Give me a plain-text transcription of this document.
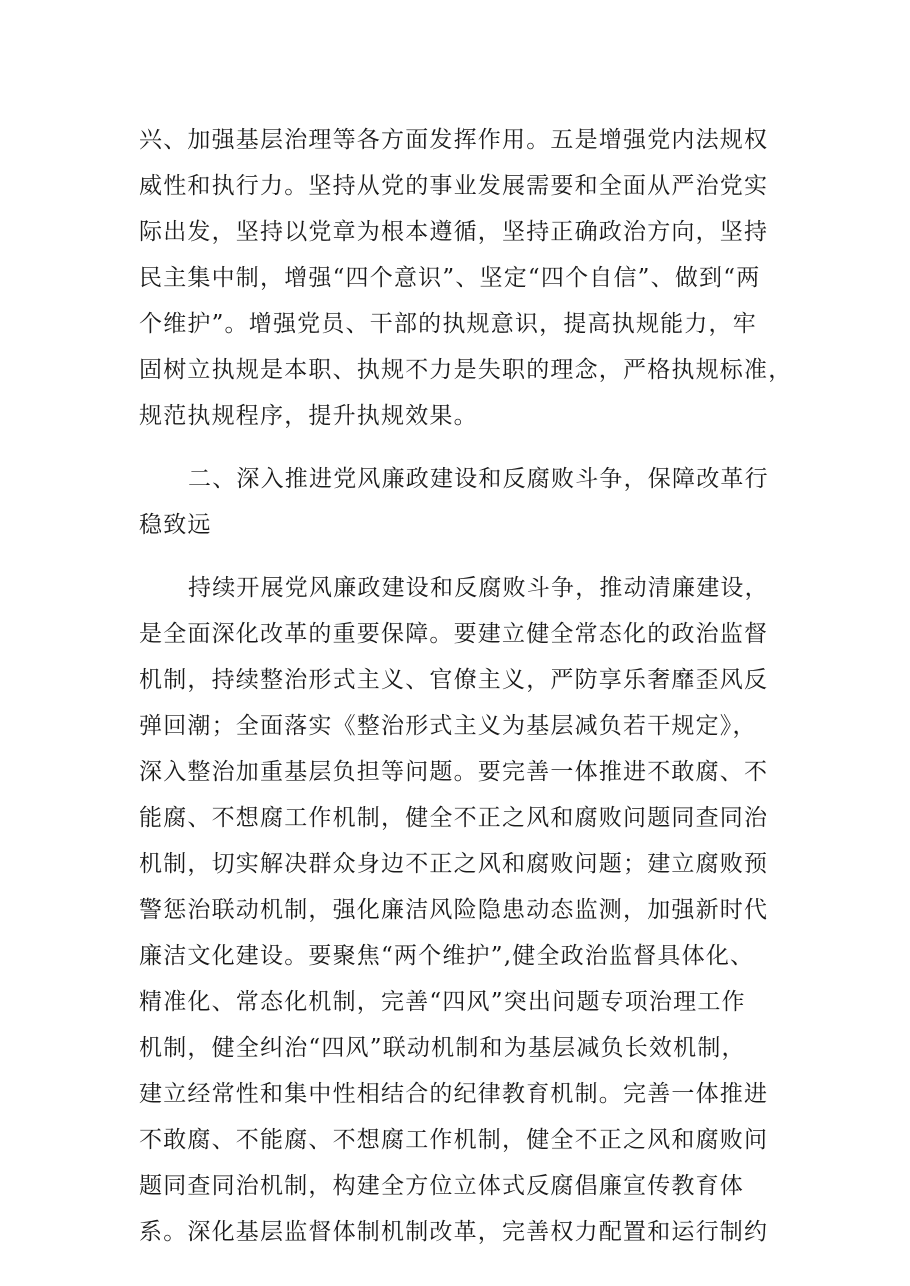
兴、加强基层治理等各方面发挥作用。五是增强党内法规权
威性和执行力。坚持从党的事业发展需要和全面从严治党实
际出发，坚持以党章为根本遵循，坚持正确政治方向，坚持
民主集中制，增强“四个意识”、坚定“四个自信”、做到“两
个维护”。增强党员、干部的执规意识，提高执规能力，牢
固树立执规是本职、执规不力是失职的理念，严格执规标准，
规范执规程序，提升执规效果。
二、深入推进党风廉政建设和反腐败斗争，保障改革行
稳致远
持续开展党风廉政建设和反腐败斗争，推动清廉建设，
是全面深化改革的重要保障。要建立健全常态化的政治监督
机制，持续整治形式主义、官僚主义，严防享乐奢靡歪风反
弹回潮；全面落实《整治形式主义为基层减负若干规定》，
深入整治加重基层负担等问题。要完善一体推进不敢腐、不
能腐、不想腐工作机制，健全不正之风和腐败问题同查同治
机制，切实解决群众身边不正之风和腐败问题；建立腐败预
警惩治联动机制，强化廉洁风险隐患动态监测，加强新时代
廉洁文化建设。要聚焦“两个维护”,健全政治监督具体化、
精准化、常态化机制，完善“四风”突出问题专项治理工作
机制，健全纠治“四风”联动机制和为基层减负长效机制，
建立经常性和集中性相结合的纪律教育机制。完善一体推进
不敢腐、不能腐、不想腐工作机制，健全不正之风和腐败问
题同查同治机制，构建全方位立体式反腐倡廉宣传教育体
系。深化基层监督体制机制改革，完善权力配置和运行制约
